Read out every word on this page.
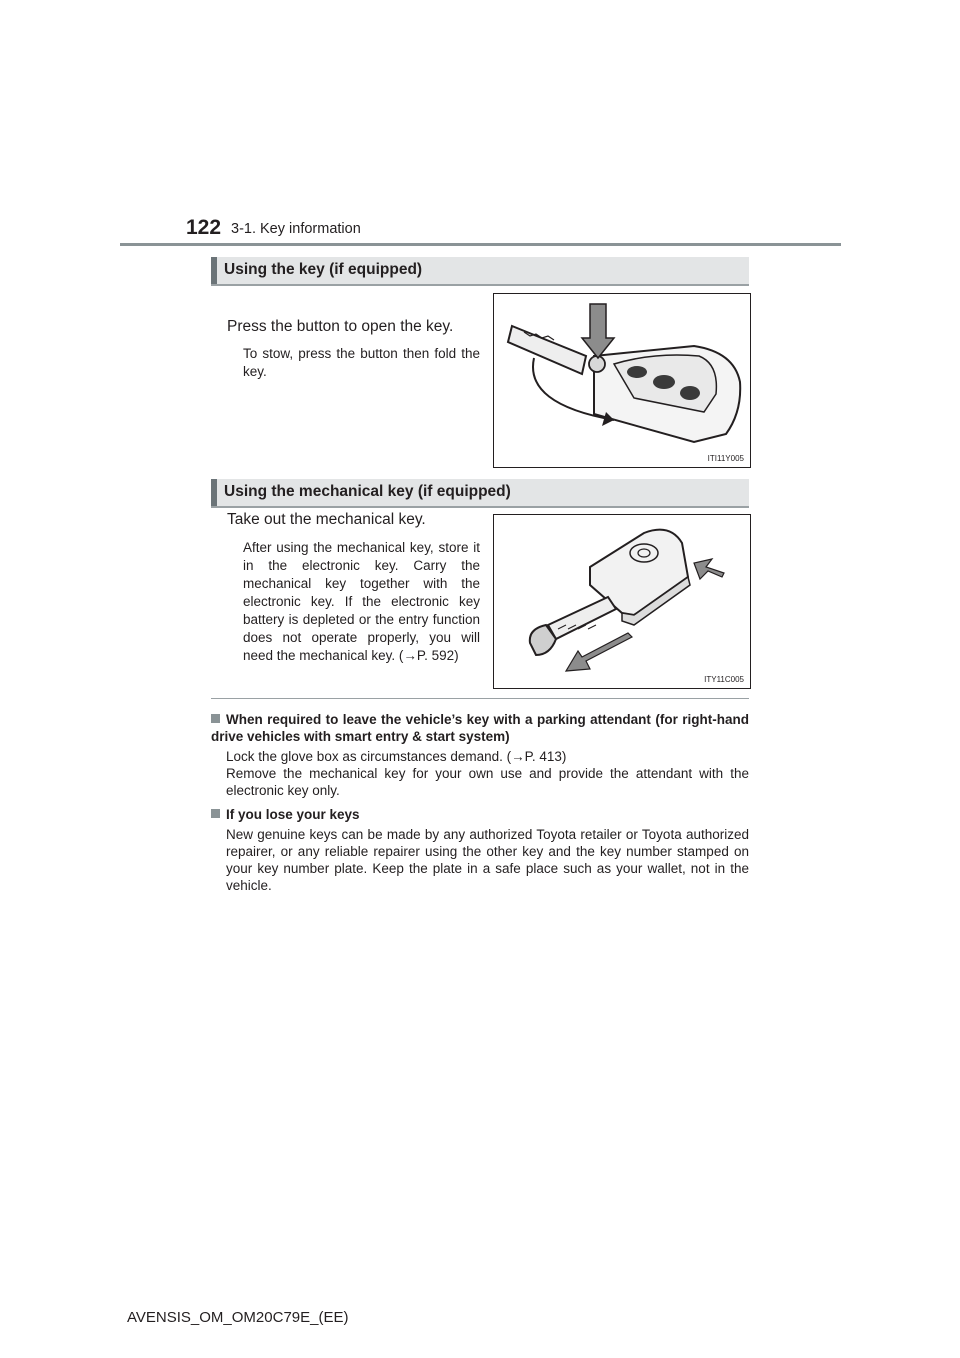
122 3-1. Key information
Using the key (if equipped)
Press the button to open the key.
To stow, press the button then fold the key.
ITI11Y005
Using the mechanical key (if equipped)
Take out the mechanical key.
After using the mechanical key, store it in the electronic key. Carry the mechanical key together with the electronic key. If the electronic key battery is depleted or the entry function does not operate properly, you will need the mechanical key. (→P. 592)
ITY11C005
When required to leave the vehicle’s key with a parking attendant (for right-hand drive vehicles with smart entry & start system)

Lock the glove box as circumstances demand. (→P. 413)

Remove the mechanical key for your own use and provide the attendant with the electronic key only.

If you lose your keys

New genuine keys can be made by any authorized Toyota retailer or Toyota authorized repairer, or any reliable repairer using the other key and the key number stamped on your key number plate. Keep the plate in a safe place such as your wallet, not in the vehicle.

AVENSIS_OM_OM20C79E_(EE)
